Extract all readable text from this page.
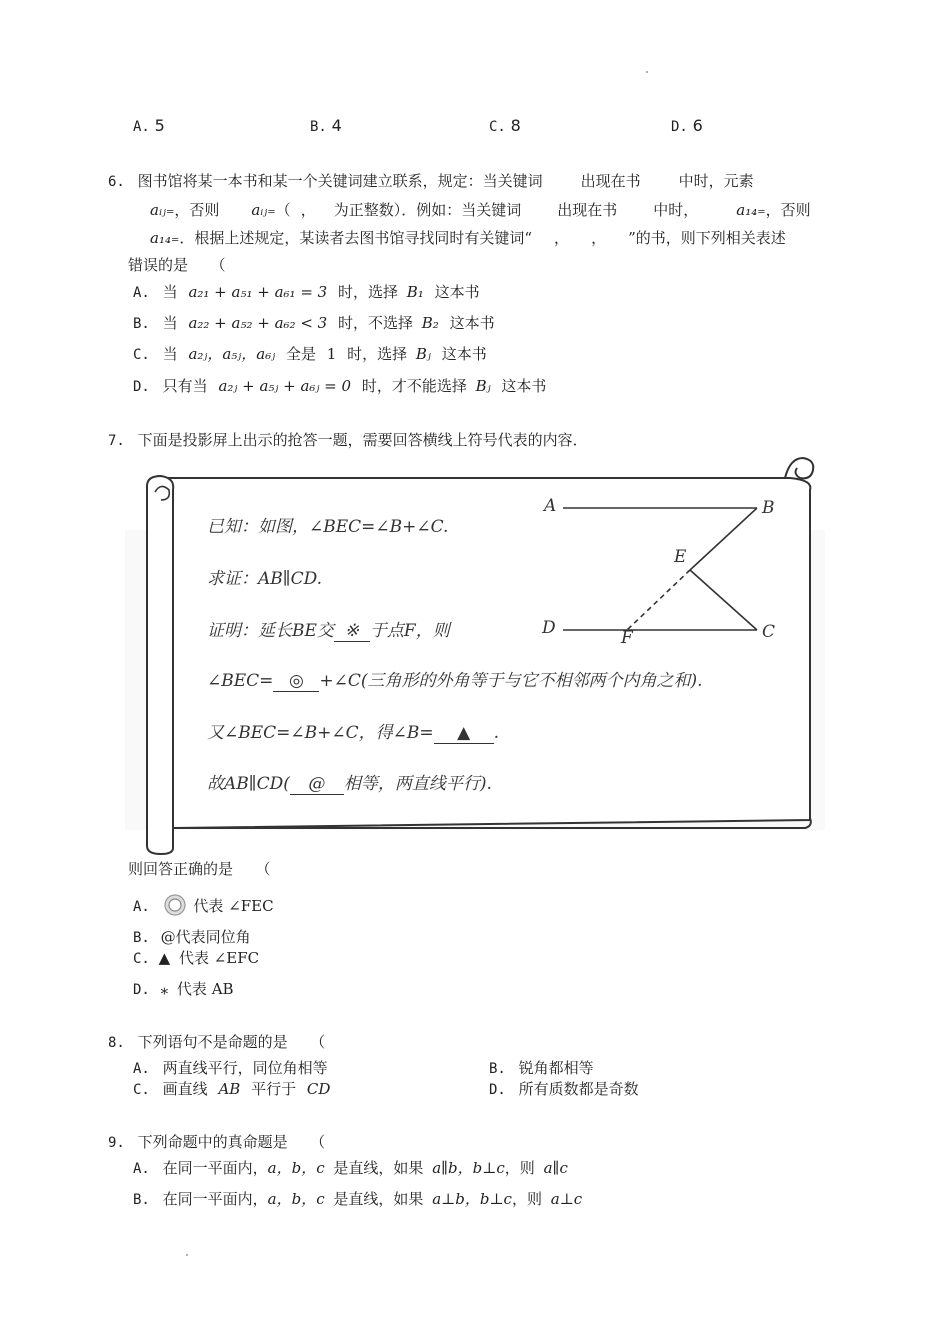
A. 5	B. 4	C. 8	D. 6
6. 图书馆将某一本书和某一个关键词建立联系，规定：当关键词	出现在书	中时，元素
aᵢⱼ=，否则 aᵢⱼ=（ ， 为正整数）．例如：当关键词 出现在书 中时，	a₁₄=，否则
a₁₄=．根据上述规定，某读者去图书馆寻找同时有关键词“ ， ， ”的书，则下列相关表述
错误的是　　（
A. 当 a₂₁ + a₅₁ + a₆₁ = 3 时，选择 B₁ 这本书
B. 当 a₂₂ + a₅₂ + a₆₂ < 3 时，不选择 B₂ 这本书
C. 当 a₂ⱼ，a₅ⱼ，a₆ⱼ 全是 1 时，选择 Bⱼ 这本书
D. 只有当 a₂ⱼ + a₅ⱼ + a₆ⱼ = 0 时，才不能选择 Bⱼ 这本书
7. 下面是投影屏上出示的抢答一题，需要回答横线上符号代表的内容．
A	B
E
D	F	C
已知：如图，∠BEC=∠B+∠C.
求证：AB∥CD.
证明：延长BE交 ※ 于点F，则
∠BEC= ◎ +∠C(三角形的外角等于与它不相邻两个内角之和).
又∠BEC=∠B+∠C，得∠B= ▲ .
故AB∥CD( @ 相等，两直线平行).
则回答正确的是　　（
A.	代表 ∠FEC
B. @代表同位角
C. ▲ 代表 ∠EFC
D. ⁎ 代表 AB
8. 下列语句不是命题的是　　（
A. 两直线平行，同位角相等	B. 锐角都相等
C. 画直线 AB 平行于 CD	D. 所有质数都是奇数
9. 下列命题中的真命题是　　（
A. 在同一平面内，a，b，c 是直线，如果 a∥b，b⊥c，则 a∥c
B. 在同一平面内，a，b，c 是直线，如果 a⊥b，b⊥c，则 a⊥c
